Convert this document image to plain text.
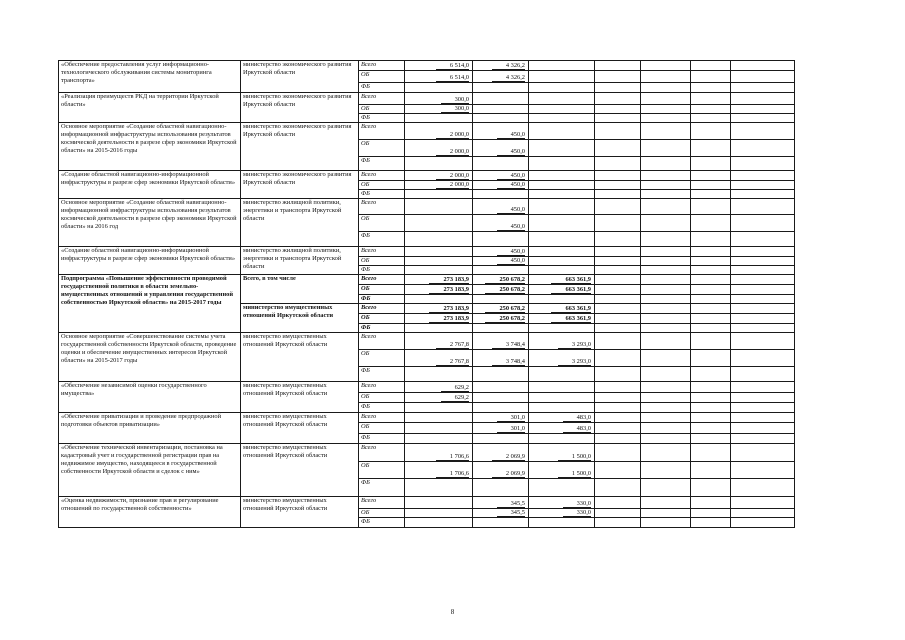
«Обеспечение предоставления услуг информационно-технологического обслуживания системы мониторинга транспорта»	министерство экономического развития Иркутской области	Всего	6 514,0	4 326,2					
		ОБ	6 514,0	4 326,2					
		ФБ							
«Реализация преимуществ РКД на территории Иркутской области»	министерство экономического развития Иркутской области	Всего	300,0						
		ОБ	300,0						
		ФБ							
Основное мероприятие «Создание областной навигационно-информационной инфраструктуры использования результатов космической деятельности в разрезе сфер экономики Иркутской области» на 2015-2016 годы	министерство экономического развития Иркутской области	Всего	2 000,0	450,0					
		ОБ	2 000,0	450,0					
		ФБ							
«Создание областной навигационно-информационной инфраструктуры в разрезе сфер экономики Иркутской области»	министерство экономического развития Иркутской области	Всего	2 000,0	450,0					
		ОБ	2 000,0	450,0					
		ФБ							
Основное мероприятие «Создание областной навигационно-информационной инфраструктуры использования результатов космической деятельности в разрезе сфер экономики Иркутской области» на 2016 год	министерство жилищной политики, энергетики и транспорта Иркутской области	Всего		450,0					
		ОБ		450,0					
		ФБ							
«Создание областной навигационно-информационной инфраструктуры в разрезе сфер экономики Иркутской области»	министерство жилищной политики, энергетики и транспорта Иркутской области	Всего		450,0					
		ОБ		450,0					
		ФБ							
Подпрограмма «Повышение эффективности проводимой государственной политики в области земельно-имущественных отношений и управления государственной собственностью Иркутской области» на 2015-2017 годы	Всего, в том числе	Всего	273 183,9	250 678,2	663 361,9				
		ОБ	273 183,9	250 678,2	663 361,9				
		ФБ							
	министерство имущественных отношений Иркутской области	Всего	273 183,9	250 678,2	663 361,9				
		ОБ	273 183,9	250 678,2	663 361,9				
		ФБ							
Основное мероприятие «Совершенствование системы учета государственной собственности Иркутской области, проведение оценки и обеспечение имущественных интересов Иркутской области» на 2015-2017 годы	министерство имущественных отношений Иркутской области	Всего	2 767,8	3 748,4	3 293,0				
		ОБ	2 767,8	3 748,4	3 293,0				
		ФБ							
«Обеспечение независимой оценки государственного имущества»	министерство имущественных отношений Иркутской области	Всего	629,2						
		ОБ	629,2						
		ФБ							
«Обеспечение приватизации и проведение предпродажной подготовки объектов приватизации»	министерство имущественных отношений Иркутской области	Всего		301,0	483,0				
		ОБ		301,0	483,0				
		ФБ							
«Обеспечение технической инвентаризации, постановка на кадастровый учет и государственной регистрации прав на недвижимое имущество, находящееся в государственной собственности Иркутской области и сделок с ним»	министерство имущественных отношений Иркутской области	Всего	1 706,6	2 069,9	1 500,0				
		ОБ	1 706,6	2 069,9	1 500,0				
		ФБ							
«Оценка недвижимости, признание прав и регулирование отношений по государственной собственности»	министерство имущественных отношений Иркутской области	Всего		345,5	330,0				
		ОБ		345,5	330,0				
		ФБ							
8
